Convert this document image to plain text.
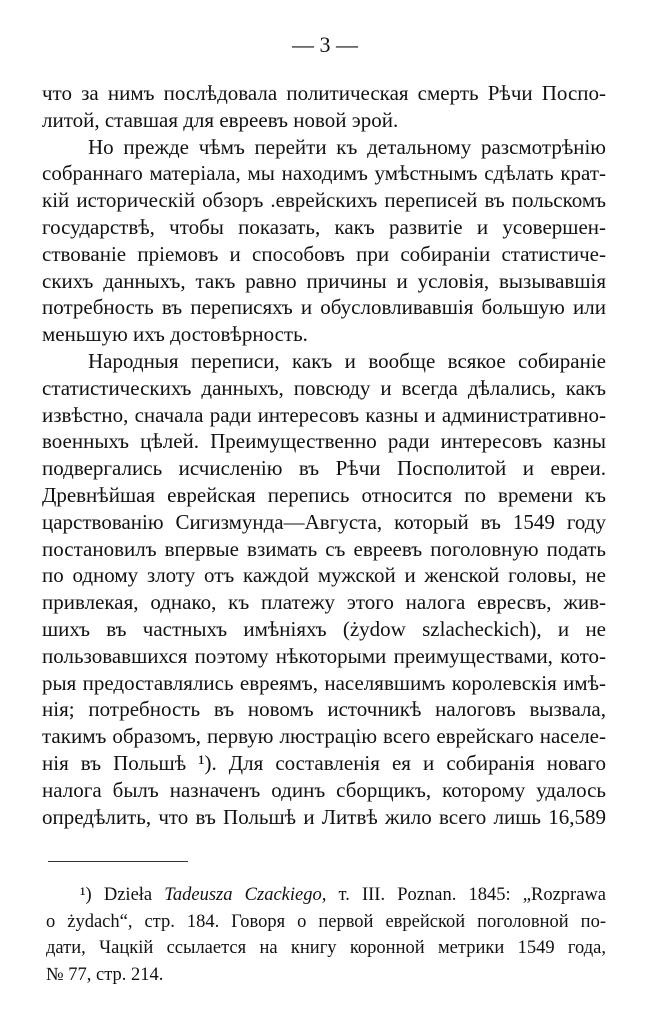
— 3 —
что за нимъ послѣдовала политическая смерть Рѣчи Поспо-
литой, ставшая для евреевъ новой эрой.
Но прежде чѣмъ перейти къ детальному разсмотрѣнію
собраннаго матеріала, мы находимъ умѣстнымъ сдѣлать крат-
кій историческій обзоръ .еврейскихъ переписей въ польскомъ
государствѣ, чтобы показать, какъ развитіе и усовершен-
ствованіе пріемовъ и способовъ при собираніи статистиче-
скихъ данныхъ, такъ равно причины и условія, вызывавшія
потребность въ переписяхъ и обусловливавшія большую или
меньшую ихъ достовѣрность.
Народныя переписи, какъ и вообще всякое собираніе
статистическихъ данныхъ, повсюду и всегда дѣлались, какъ
извѣстно, сначала ради интересовъ казны и административно-
военныхъ цѣлей. Преимущественно ради интересовъ казны
подвергались исчисленію въ Рѣчи Посполитой и евреи.
Древнѣйшая еврейская перепись относится по времени къ
царствованію Сигизмунда—Августа, который въ 1549 году
постановилъ впервые взимать съ евреевъ поголовную подать
по одному злоту отъ каждой мужской и женской головы, не
привлекая, однако, къ платежу этого налога евресвъ, жив-
шихъ въ частныхъ имѣніяхъ (żydow szlacheckich), и не
пользовавшихся поэтому нѣкоторыми преимуществами, кото-
рыя предоставлялись евреямъ, населявшимъ королевскія имѣ-
нія; потребность въ новомъ источникѣ налоговъ вызвала,
такимъ образомъ, первую люстрацію всего еврейскаго населе-
нія въ Польшѣ ¹). Для составленія ея и собиранія новаго
налога былъ назначенъ одинъ сборщикъ, которому удалось
опредѣлить, что въ Польшѣ и Литвѣ жило всего лишь 16,589
¹) Dzieła Tadeusza Czackiego, т. III. Poznan. 1845: „Rozprawa
o żydach“, стр. 184. Говоря о первой еврейской поголовной по-
дати, Чацкій ссылается на книгу коронной метрики 1549 года,
№ 77, стр. 214.
